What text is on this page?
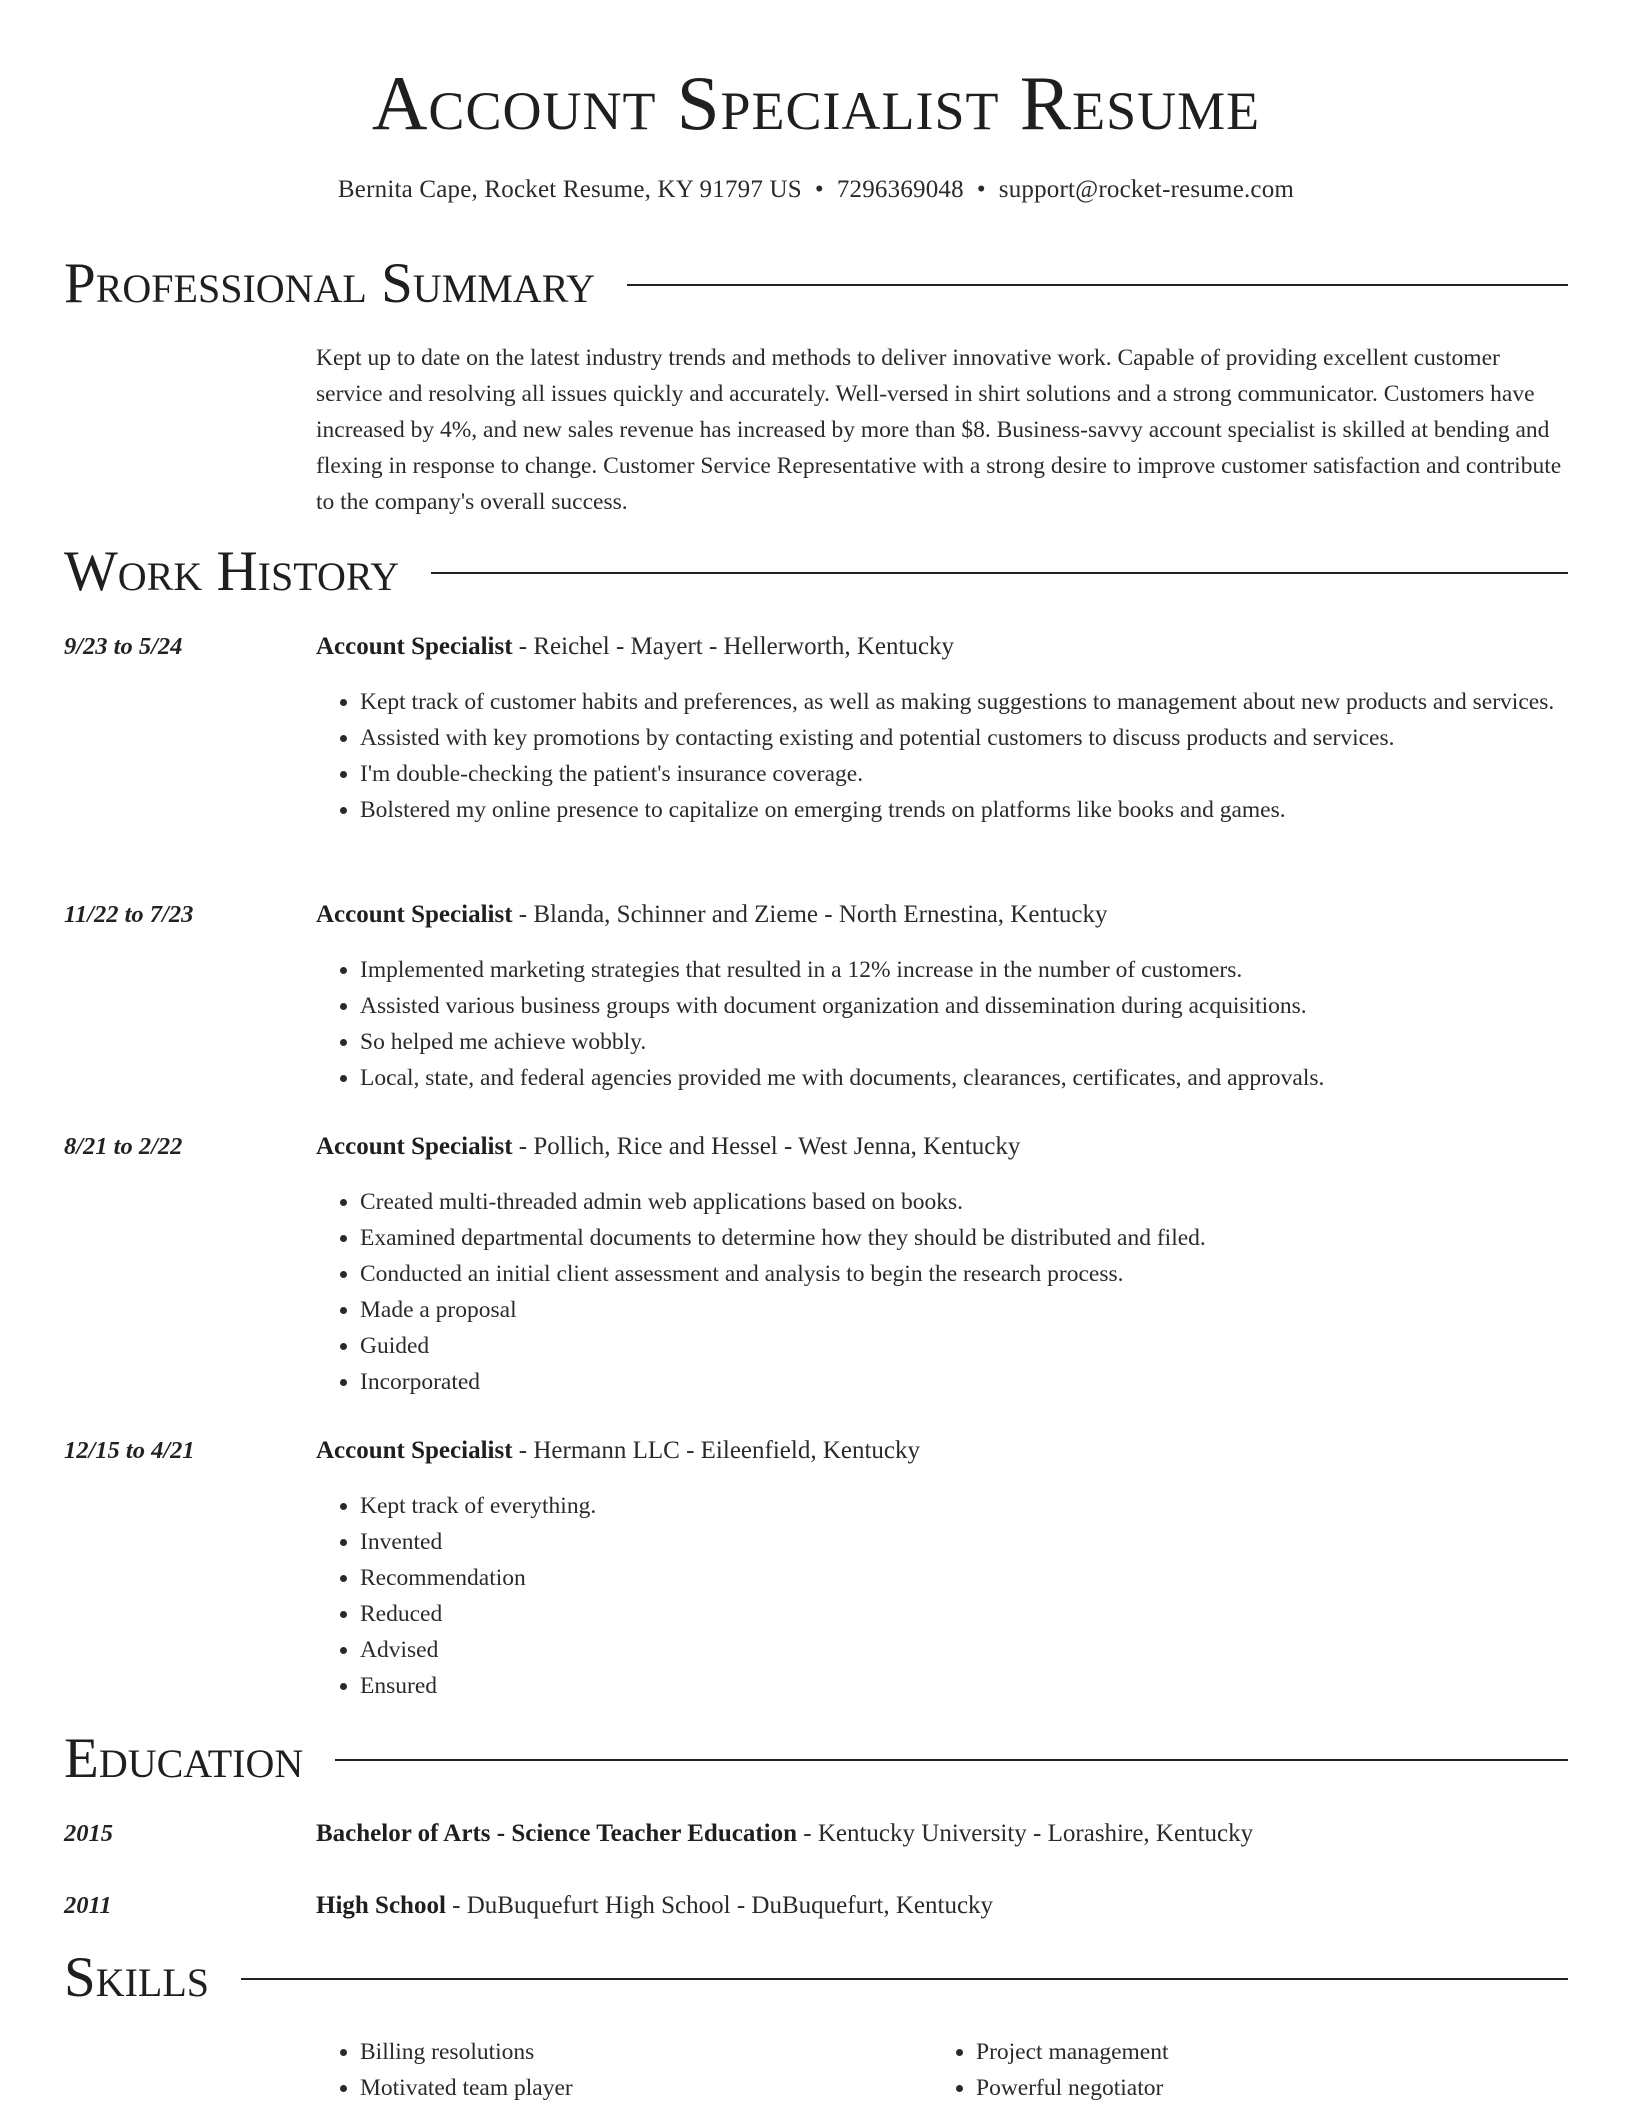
Account Specialist Resume
Bernita Cape, Rocket Resume, KY 91797 US • 7296369048 • support@rocket-resume.com
Professional Summary

Kept up to date on the latest industry trends and methods to deliver innovative work. Capable of providing excellent customer service and resolving all issues quickly and accurately. Well-versed in shirt solutions and a strong communicator. Customers have increased by 4%, and new sales revenue has increased by more than $8. Business-savvy account specialist is skilled at bending and flexing in response to change. Customer Service Representative with a strong desire to improve customer satisfaction and contribute to the company's overall success.

Work History
9/23 to 5/24	Account Specialist - Reichel - Mayert - Hellerworth, Kentucky
• Kept track of customer habits and preferences, as well as making suggestions to management about new products and services.
• Assisted with key promotions by contacting existing and potential customers to discuss products and services.
• I'm double-checking the patient's insurance coverage.
• Bolstered my online presence to capitalize on emerging trends on platforms like books and games.
11/22 to 7/23	Account Specialist - Blanda, Schinner and Zieme - North Ernestina, Kentucky
• Implemented marketing strategies that resulted in a 12% increase in the number of customers.
• Assisted various business groups with document organization and dissemination during acquisitions.
• So helped me achieve wobbly.
• Local, state, and federal agencies provided me with documents, clearances, certificates, and approvals.
8/21 to 2/22	Account Specialist - Pollich, Rice and Hessel - West Jenna, Kentucky
• Created multi-threaded admin web applications based on books.
• Examined departmental documents to determine how they should be distributed and filed.
• Conducted an initial client assessment and analysis to begin the research process.
• Made a proposal
• Guided
• Incorporated
12/15 to 4/21	Account Specialist - Hermann LLC - Eileenfield, Kentucky
• Kept track of everything.
• Invented
• Recommendation
• Reduced
• Advised
• Ensured
Education
2015	Bachelor of Arts - Science Teacher Education - Kentucky University - Lorashire, Kentucky
2011	High School - DuBuquefurt High School - DuBuquefurt, Kentucky
Skills
• Billing resolutions
• Motivated team player
• Project management
• Powerful negotiator
